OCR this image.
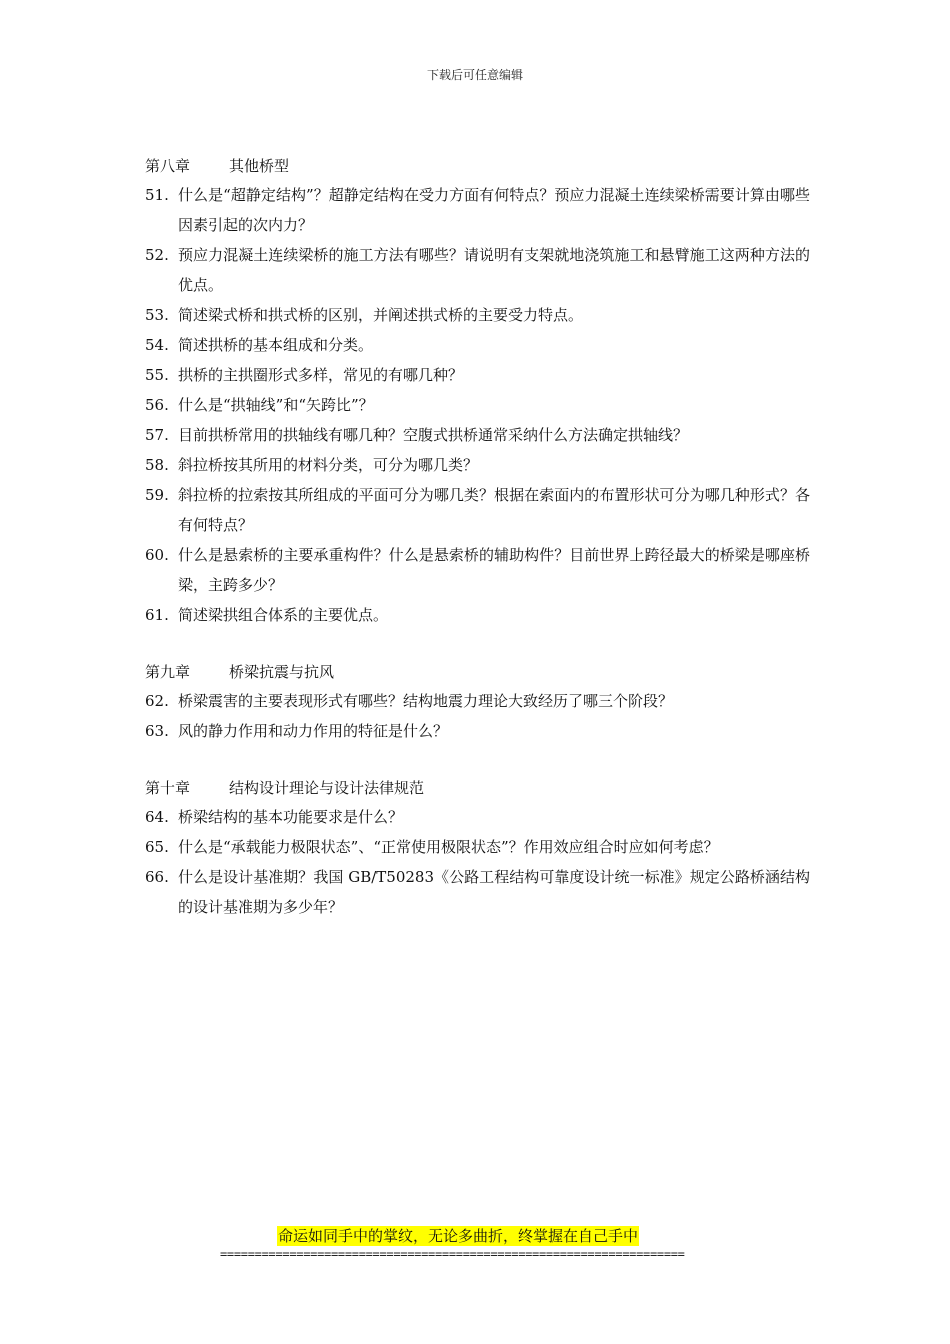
下载后可任意编辑
第八章	其他桥型
51. 什么是“超静定结构”？超静定结构在受力方面有何特点？预应力混凝土连续梁桥需要计算由哪些因素引起的次内力？
52. 预应力混凝土连续梁桥的施工方法有哪些？请说明有支架就地浇筑施工和悬臂施工这两种方法的优点。
53. 简述梁式桥和拱式桥的区别，并阐述拱式桥的主要受力特点。
54. 简述拱桥的基本组成和分类。
55. 拱桥的主拱圈形式多样，常见的有哪几种？
56. 什么是“拱轴线”和“矢跨比”？
57. 目前拱桥常用的拱轴线有哪几种？空腹式拱桥通常采纳什么方法确定拱轴线？
58. 斜拉桥按其所用的材料分类，可分为哪几类？
59. 斜拉桥的拉索按其所组成的平面可分为哪几类？根据在索面内的布置形状可分为哪几种形式？各有何特点？
60. 什么是悬索桥的主要承重构件？什么是悬索桥的辅助构件？目前世界上跨径最大的桥梁是哪座桥梁，主跨多少？
61. 简述梁拱组合体系的主要优点。
第九章	桥梁抗震与抗风
62. 桥梁震害的主要表现形式有哪些？结构地震力理论大致经历了哪三个阶段？
63. 风的静力作用和动力作用的特征是什么？
第十章	结构设计理论与设计法律规范
64. 桥梁结构的基本功能要求是什么？
65. 什么是“承载能力极限状态”、“正常使用极限状态”？作用效应组合时应如何考虑？
66. 什么是设计基准期？我国 GB/T50283《公路工程结构可靠度设计统一标准》规定公路桥涵结构的设计基准期为多少年？
命运如同手中的掌纹，无论多曲折，终掌握在自己手中
===================================================================
